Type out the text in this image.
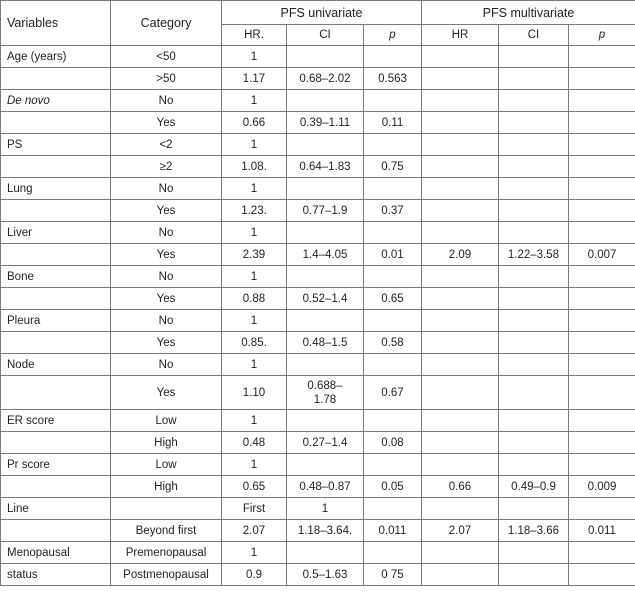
Variables	Category	PFS univariate			PFS multivariate		
		HR.	CI	p	HR	CI	p
Age (years)	<50	1					
	>50	1.17	0.68–2.02	0.563			
De novo	No	1					
	Yes	0.66	0.39–1.11	0.11			
PS	<2	1					
	≥2	1.08.	0.64–1.83	0.75			
Lung	No	1					
	Yes	1.23.	0.77–1.9	0.37			
Liver	No	1					
	Yes	2.39	1.4–4.05	0.01	2.09	1.22–3.58	0.007
Bone	No	1					
	Yes	0.88	0.52–1.4	0.65			
Pleura	No	1					
	Yes	0.85.	0.48–1.5	0.58			
Node	No	1					
	Yes	1.10	0.688–
1.78	0.67			
ER score	Low	1					
	High	0.48	0.27–1.4	0.08			
Pr score	Low	1					
	High	0.65	0.48–0.87	0.05	0.66	0.49–0.9	0.009
Line		First	1				
	Beyond first	2.07	1.18–3.64.	0.011	2.07	1.18–3.66	0.011
Menopausal	Premenopausal	1					
status	Postmenopausal	0.9	0.5–1.63	0 75			
